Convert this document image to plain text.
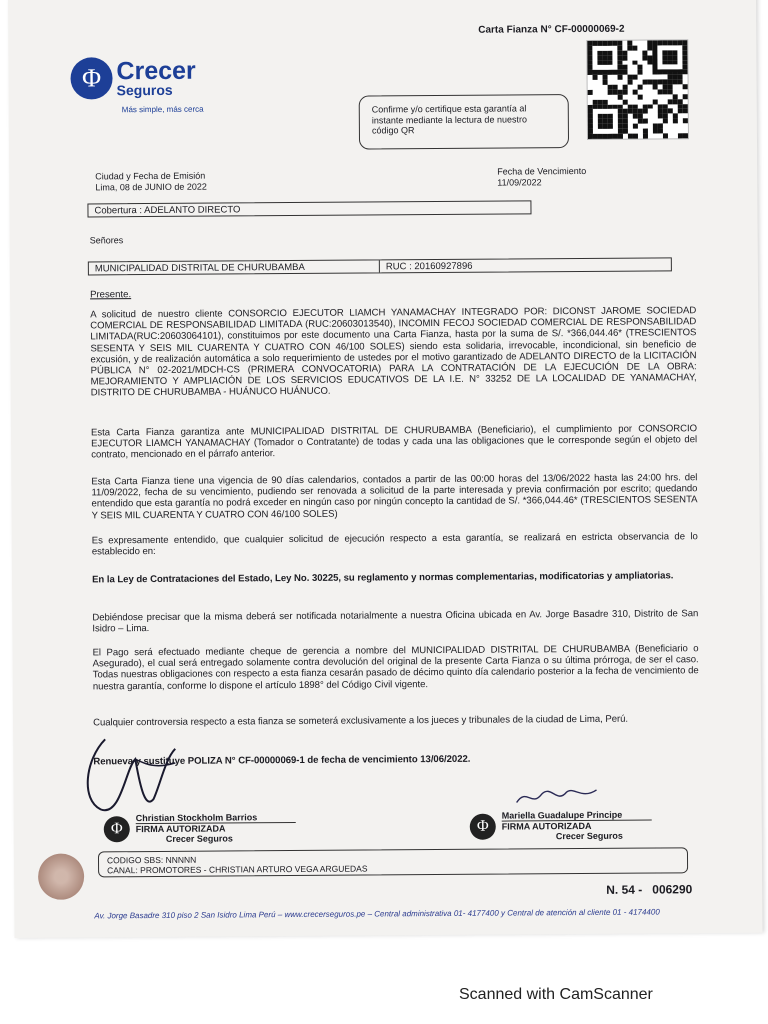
Carta Fianza N° CF-00000069-2
Φ Crecer
Seguros
Más simple, más cerca	Confirme y/o certifique esta garantía al instante mediante la lectura de nuestro código QR
Ciudad y Fecha de Emisión
Lima, 08 de JUNIO de 2022
Fecha de Vencimiento
11/09/2022
Cobertura : ADELANTO DIRECTO
Señores
MUNICIPALIDAD DISTRITAL DE CHURUBAMBA	RUC : 20160927896
Presente.
A solicitud de nuestro cliente CONSORCIO EJECUTOR LIAMCH YANAMACHAY INTEGRADO POR: DICONST JAROME SOCIEDAD COMERCIAL DE RESPONSABILIDAD LIMITADA (RUC:20603013540), INCOMIN FECOJ SOCIEDAD COMERCIAL DE RESPONSABILIDAD LIMITADA(RUC:20603064101), constituimos por este documento una Carta Fianza, hasta por la suma de S/. *366,044.46* (TRESCIENTOS SESENTA Y SEIS MIL CUARENTA Y CUATRO CON 46/100 SOLES) siendo esta solidaria, irrevocable, incondicional, sin beneficio de excusión, y de realización automática a solo requerimiento de ustedes por el motivo garantizado de ADELANTO DIRECTO de la LICITACIÓN PÚBLICA N° 02-2021/MDCH-CS (PRIMERA CONVOCATORIA) PARA LA CONTRATACIÓN DE LA EJECUCIÓN DE LA OBRA: MEJORAMIENTO Y AMPLIACIÓN DE LOS SERVICIOS EDUCATIVOS DE LA I.E. N° 33252 DE LA LOCALIDAD DE YANAMACHAY, DISTRITO DE CHURUBAMBA - HUÁNUCO HUÁNUCO.
Esta Carta Fianza garantiza ante MUNICIPALIDAD DISTRITAL DE CHURUBAMBA (Beneficiario), el cumplimiento por CONSORCIO EJECUTOR LIAMCH YANAMACHAY (Tomador o Contratante) de todas y cada una las obligaciones que le corresponde según el objeto del contrato, mencionado en el párrafo anterior.
Esta Carta Fianza tiene una vigencia de 90 días calendarios, contados a partir de las 00:00 horas del 13/06/2022 hasta las 24:00 hrs. del 11/09/2022, fecha de su vencimiento, pudiendo ser renovada a solicitud de la parte interesada y previa confirmación por escrito; quedando entendido que esta garantía no podrá exceder en ningún caso por ningún concepto la cantidad de S/. *366,044.46* (TRESCIENTOS SESENTA Y SEIS MIL CUARENTA Y CUATRO CON 46/100 SOLES)
Es expresamente entendido, que cualquier solicitud de ejecución respecto a esta garantía, se realizará en estricta observancia de lo establecido en:
En la Ley de Contrataciones del Estado, Ley No. 30225, su reglamento y normas complementarias, modificatorias y ampliatorias.
Debiéndose precisar que la misma deberá ser notificada notarialmente a nuestra Oficina ubicada en Av. Jorge Basadre 310, Distrito de San Isidro – Lima.
El Pago será efectuado mediante cheque de gerencia a nombre del MUNICIPALIDAD DISTRITAL DE CHURUBAMBA (Beneficiario o Asegurado), el cual será entregado solamente contra devolución del original de la presente Carta Fianza o su última prórroga, de ser el caso. Todas nuestras obligaciones con respecto a esta fianza cesarán pasado de décimo quinto día calendario posterior a la fecha de vencimiento de nuestra garantía, conforme lo dispone el artículo 1898° del Código Civil vigente.
Cualquier controversia respecto a esta fianza se someterá exclusivamente a los jueces y tribunales de la ciudad de Lima, Perú.
Renueva y sustituye POLIZA N° CF-00000069-1 de fecha de vencimiento 13/06/2022.
Φ
Christian Stockholm Barrios
FIRMA AUTORIZADA
Crecer Seguros
Φ
Mariella Guadalupe Principe
FIRMA AUTORIZADA
Crecer Seguros
CODIGO SBS: NNNNN
CANAL: PROMOTORES - CHRISTIAN ARTURO VEGA ARGUEDAS
N. 54 -   006290
Av. Jorge Basadre 310 piso 2 San Isidro Lima Perú – www.crecerseguros.pe – Central administrativa 01- 4177400 y Central de atención al cliente 01 - 4174400
Scanned with CamScanner
